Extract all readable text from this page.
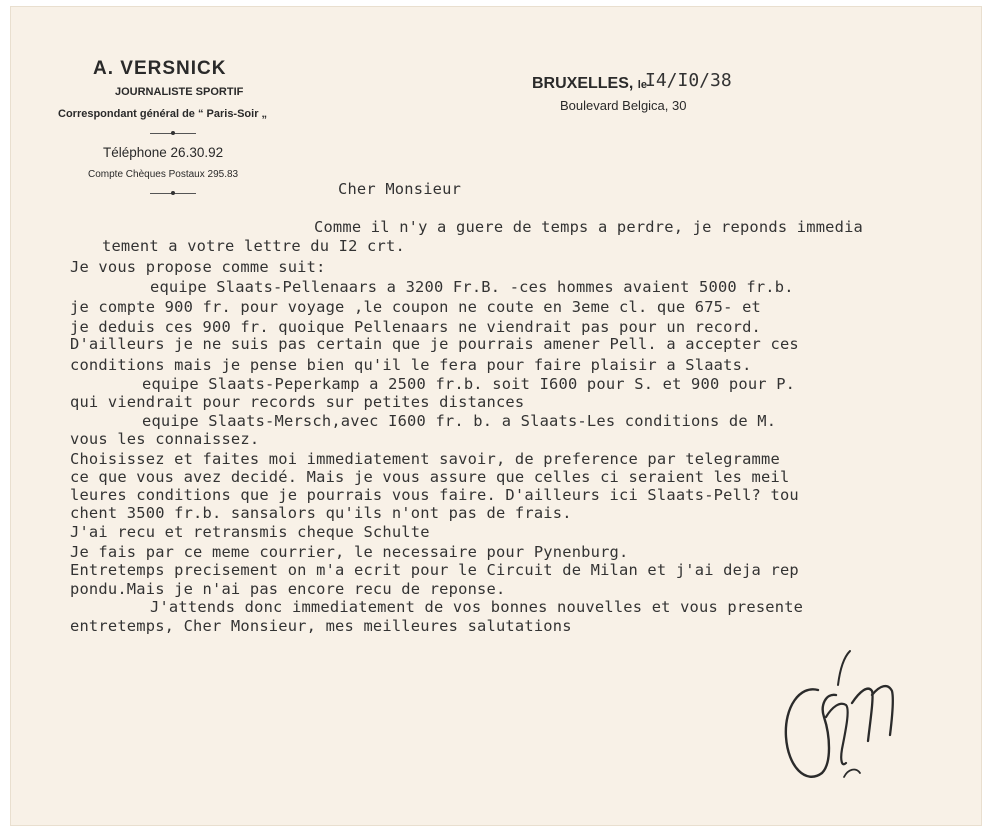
A. VERSNICK
JOURNALISTE SPORTIF
Correspondant général de “ Paris-Soir „
Téléphone 26.30.92
Compte Chèques Postaux 295.83
BRUXELLES, le
I4/I0/38
Boulevard Belgica, 30
Cher Monsieur
Comme il n'y a guere de temps a perdre, je reponds immedia
tement a votre lettre du I2 crt.
Je vous propose comme suit:
equipe Slaats-Pellenaars a 3200 Fr.B. -ces hommes avaient 5000 fr.b.
je compte 900 fr. pour voyage ,le coupon ne coute en 3eme cl. que 675- et
je deduis ces 900 fr. quoique Pellenaars ne viendrait pas pour un record.
D'ailleurs je ne suis pas certain que je pourrais amener Pell. a accepter ces
conditions mais je pense bien qu'il le fera pour faire plaisir a Slaats.
equipe Slaats-Peperkamp a 2500 fr.b. soit I600 pour S. et 900 pour P.
qui viendrait pour records sur petites distances
equipe Slaats-Mersch,avec I600 fr. b. a Slaats-Les conditions de M.
vous les connaissez.
Choisissez et faites moi immediatement savoir, de preference par telegramme
ce que vous avez decidé. Mais je vous assure que celles ci seraient les meil
leures conditions que je pourrais vous faire. D'ailleurs ici Slaats-Pell? tou
chent 3500 fr.b. sansalors qu'ils n'ont pas de frais.
J'ai recu et retransmis cheque Schulte
Je fais par ce meme courrier, le necessaire pour Pynenburg.
Entretemps precisement on m'a ecrit pour le Circuit de Milan et j'ai deja rep
pondu.Mais je n'ai pas encore recu de reponse.
J'attends donc immediatement de vos bonnes nouvelles et vous presente
entretemps, Cher Monsieur, mes meilleures salutations
